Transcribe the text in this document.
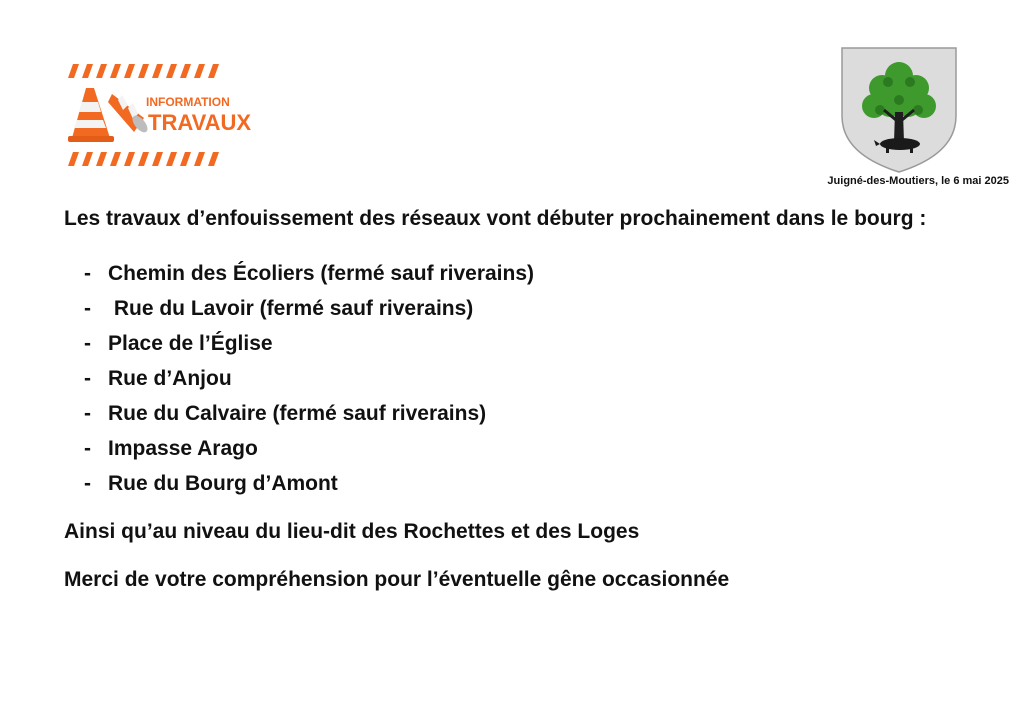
INFORMATION
TRAVAUX
Juigné-des-Moutiers, le 6 mai 2025

Les travaux d’enfouissement des réseaux vont débuter prochainement dans le bourg :

- Chemin des Écoliers (fermé sauf riverains)
- Rue du Lavoir (fermé sauf riverains)
- Place de l’Église
- Rue d’Anjou
- Rue du Calvaire (fermé sauf riverains)
- Impasse Arago
- Rue du Bourg d’Amont

Ainsi qu’au niveau du lieu-dit des Rochettes et des Loges

Merci de votre compréhension pour l’éventuelle gêne occasionnée
